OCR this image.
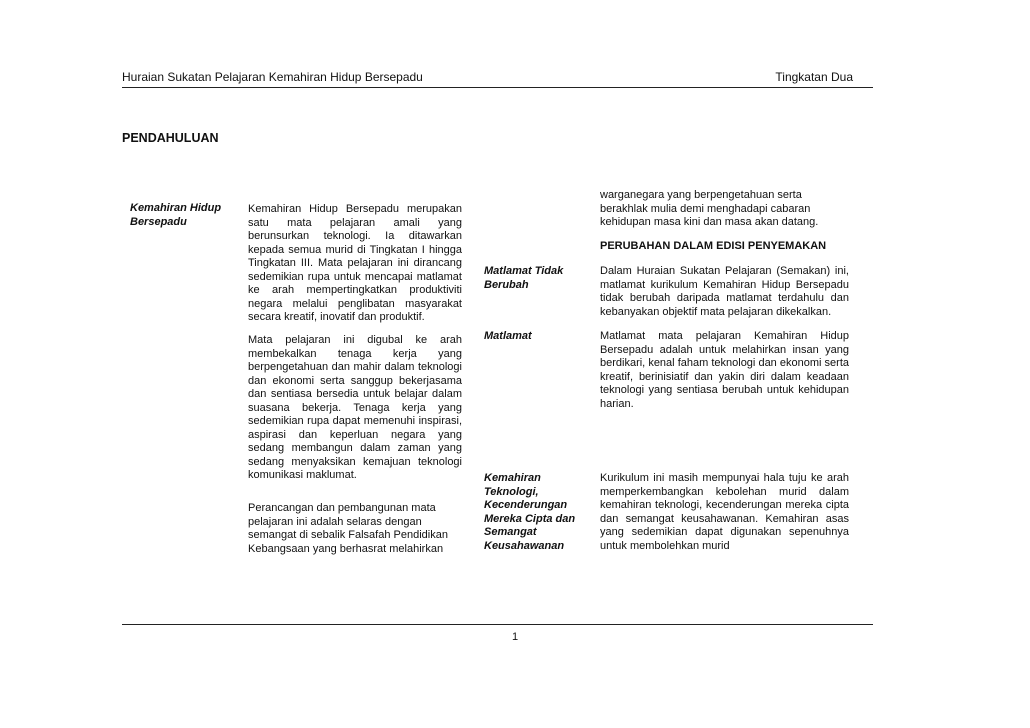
Huraian Sukatan Pelajaran Kemahiran Hidup Bersepadu	Tingkatan Dua
PENDAHULUAN
Kemahiran Hidup Bersepadu
Kemahiran Hidup Bersepadu merupakan satu mata pelajaran amali yang berunsurkan teknologi. Ia ditawarkan kepada semua murid di Tingkatan I hingga Tingkatan III. Mata pelajaran ini dirancang sedemikian rupa untuk mencapai matlamat ke arah mempertingkatkan produktiviti negara melalui penglibatan masyarakat secara kreatif, inovatif dan produktif.
Mata pelajaran ini digubal ke arah membekalkan tenaga kerja yang berpengetahuan dan mahir dalam teknologi dan ekonomi serta sanggup bekerjasama dan sentiasa bersedia untuk belajar dalam suasana bekerja. Tenaga kerja yang sedemikian rupa dapat memenuhi inspirasi, aspirasi dan keperluan negara yang sedang membangun dalam zaman yang sedang menyaksikan kemajuan teknologi komunikasi maklumat.
Perancangan dan pembangunan mata pelajaran ini adalah selaras dengan semangat di sebalik Falsafah Pendidikan Kebangsaan yang berhasrat melahirkan
warganegara yang berpengetahuan serta berakhlak mulia demi menghadapi cabaran kehidupan masa kini dan masa akan datang.
PERUBAHAN DALAM EDISI PENYEMAKAN
Matlamat Tidak Berubah
Dalam Huraian Sukatan Pelajaran (Semakan) ini, matlamat kurikulum Kemahiran Hidup Bersepadu tidak berubah daripada matlamat terdahulu dan kebanyakan objektif mata pelajaran dikekalkan.
Matlamat	Matlamat mata pelajaran Kemahiran Hidup Bersepadu adalah untuk melahirkan insan yang berdikari, kenal faham teknologi dan ekonomi serta kreatif, berinisiatif dan yakin diri dalam keadaan teknologi yang sentiasa berubah untuk kehidupan harian.
Kemahiran Teknologi, Kecenderungan Mereka Cipta dan Semangat Keusahawanan
Kurikulum ini masih mempunyai hala tuju ke arah memperkembangkan kebolehan murid dalam kemahiran teknologi, kecenderungan mereka cipta dan semangat keusahawanan. Kemahiran asas yang sedemikian dapat digunakan sepenuhnya untuk membolehkan murid
1
